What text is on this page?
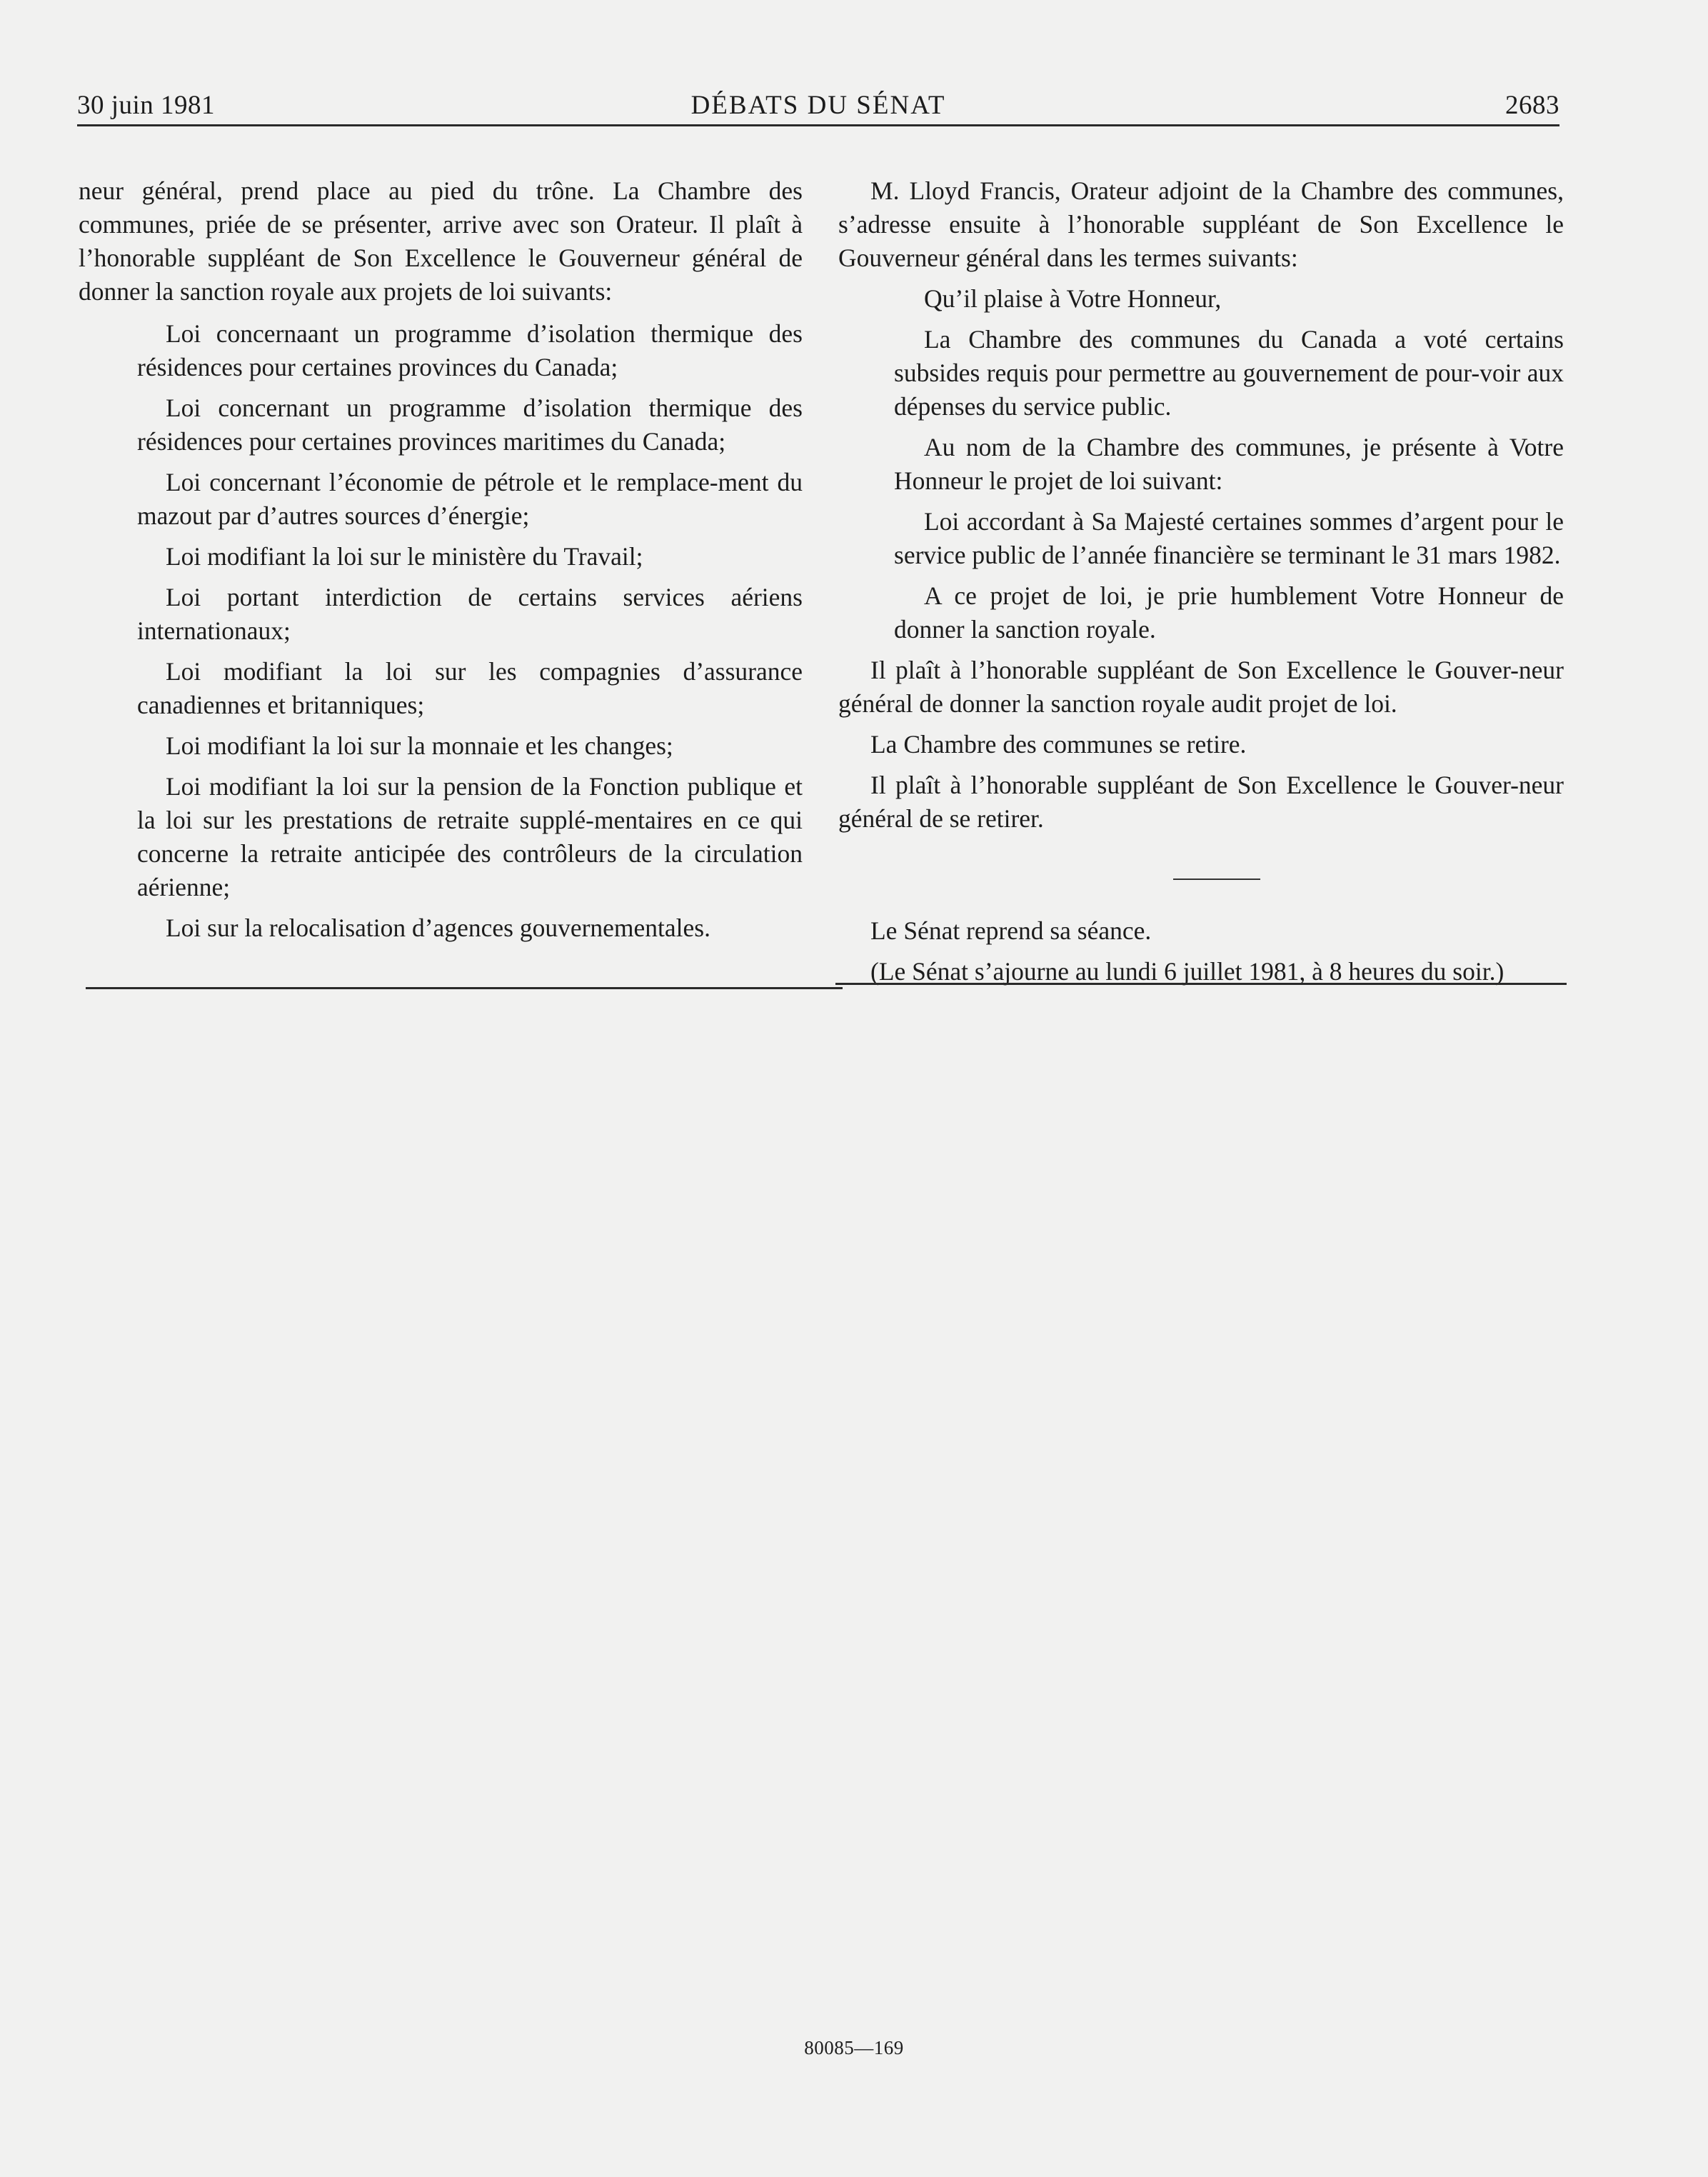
30 juin 1981	DÉBATS DU SÉNAT	2683

neur général, prend place au pied du trône. La Chambre des communes, priée de se présenter, arrive avec son Orateur. Il plaît à l’honorable suppléant de Son Excellence le Gouverneur général de donner la sanction royale aux projets de loi suivants:

Loi concernaant un programme d’isolation thermique des résidences pour certaines provinces du Canada;

Loi concernant un programme d’isolation thermique des résidences pour certaines provinces maritimes du Canada;

Loi concernant l’économie de pétrole et le remplace-ment du mazout par d’autres sources d’énergie;

Loi modifiant la loi sur le ministère du Travail;

Loi portant interdiction de certains services aériens internationaux;

Loi modifiant la loi sur les compagnies d’assurance canadiennes et britanniques;

Loi modifiant la loi sur la monnaie et les changes;

Loi modifiant la loi sur la pension de la Fonction publique et la loi sur les prestations de retraite supplé-mentaires en ce qui concerne la retraite anticipée des contrôleurs de la circulation aérienne;

Loi sur la relocalisation d’agences gouvernementales.

M. Lloyd Francis, Orateur adjoint de la Chambre des communes, s’adresse ensuite à l’honorable suppléant de Son Excellence le Gouverneur général dans les termes suivants:

Qu’il plaise à Votre Honneur,

La Chambre des communes du Canada a voté certains subsides requis pour permettre au gouvernement de pour-voir aux dépenses du service public.

Au nom de la Chambre des communes, je présente à Votre Honneur le projet de loi suivant:

Loi accordant à Sa Majesté certaines sommes d’argent pour le service public de l’année financière se terminant le 31 mars 1982.

A ce projet de loi, je prie humblement Votre Honneur de donner la sanction royale.

Il plaît à l’honorable suppléant de Son Excellence le Gouver-neur général de donner la sanction royale audit projet de loi.

La Chambre des communes se retire.

Il plaît à l’honorable suppléant de Son Excellence le Gouver-neur général de se retirer.

Le Sénat reprend sa séance.

(Le Sénat s’ajourne au lundi 6 juillet 1981, à 8 heures du soir.)

80085—169
